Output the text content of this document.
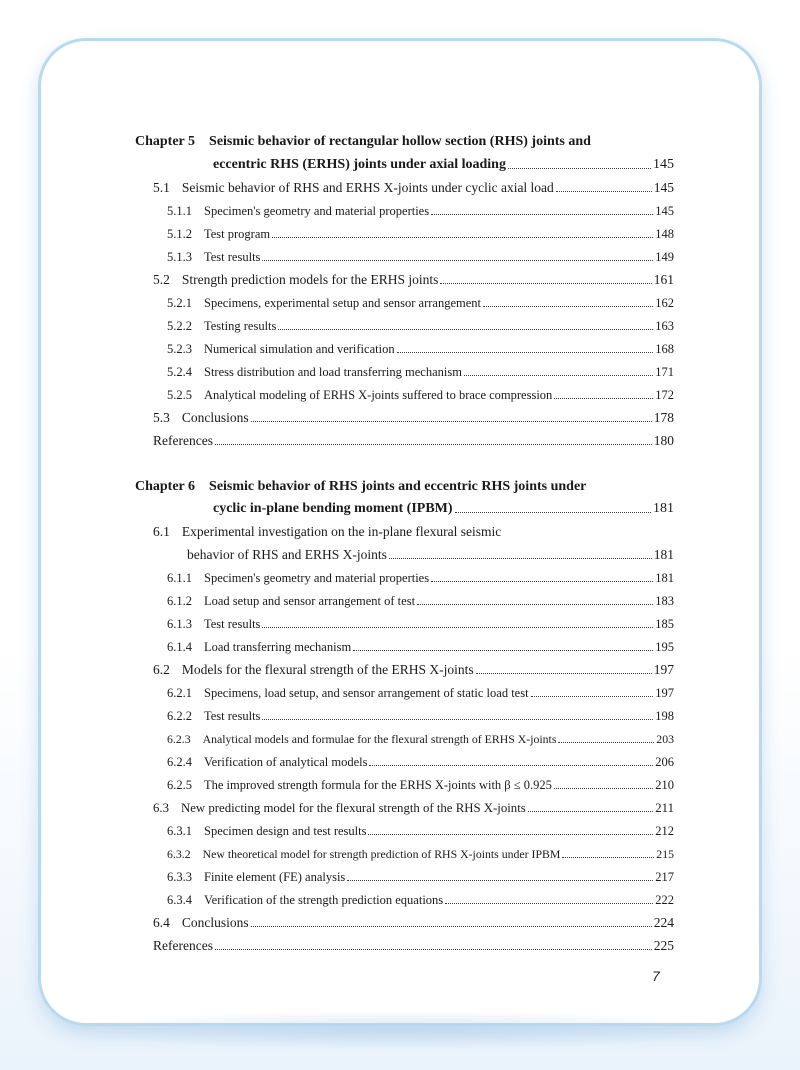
Chapter 5 Seismic behavior of rectangular hollow section (RHS) joints and
eccentric RHS (ERHS) joints under axial loading	145
5.1 Seismic behavior of RHS and ERHS X-joints under cyclic axial load	145
5.1.1 Specimen's geometry and material properties	145
5.1.2 Test program	148
5.1.3 Test results	149
5.2 Strength prediction models for the ERHS joints	161
5.2.1 Specimens, experimental setup and sensor arrangement	162
5.2.2 Testing results	163
5.2.3 Numerical simulation and verification	168
5.2.4 Stress distribution and load transferring mechanism	171
5.2.5 Analytical modeling of ERHS X-joints suffered to brace compression	172
5.3 Conclusions	178
References	180
Chapter 6 Seismic behavior of RHS joints and eccentric RHS joints under
cyclic in-plane bending moment (IPBM)	181
6.1 Experimental investigation on the in-plane flexural seismic
behavior of RHS and ERHS X-joints	181
6.1.1 Specimen's geometry and material properties	181
6.1.2 Load setup and sensor arrangement of test	183
6.1.3 Test results	185
6.1.4 Load transferring mechanism	195
6.2 Models for the flexural strength of the ERHS X-joints	197
6.2.1 Specimens, load setup, and sensor arrangement of static load test	197
6.2.2 Test results	198
6.2.3 Analytical models and formulae for the flexural strength of ERHS X-joints	203
6.2.4 Verification of analytical models	206
6.2.5 The improved strength formula for the ERHS X-joints with β ≤ 0.925	210
6.3 New predicting model for the flexural strength of the RHS X-joints	211
6.3.1 Specimen design and test results	212
6.3.2 New theoretical model for strength prediction of RHS X-joints under IPBM	215
6.3.3 Finite element (FE) analysis	217
6.3.4 Verification of the strength prediction equations	222
6.4 Conclusions	224
References	225
7
